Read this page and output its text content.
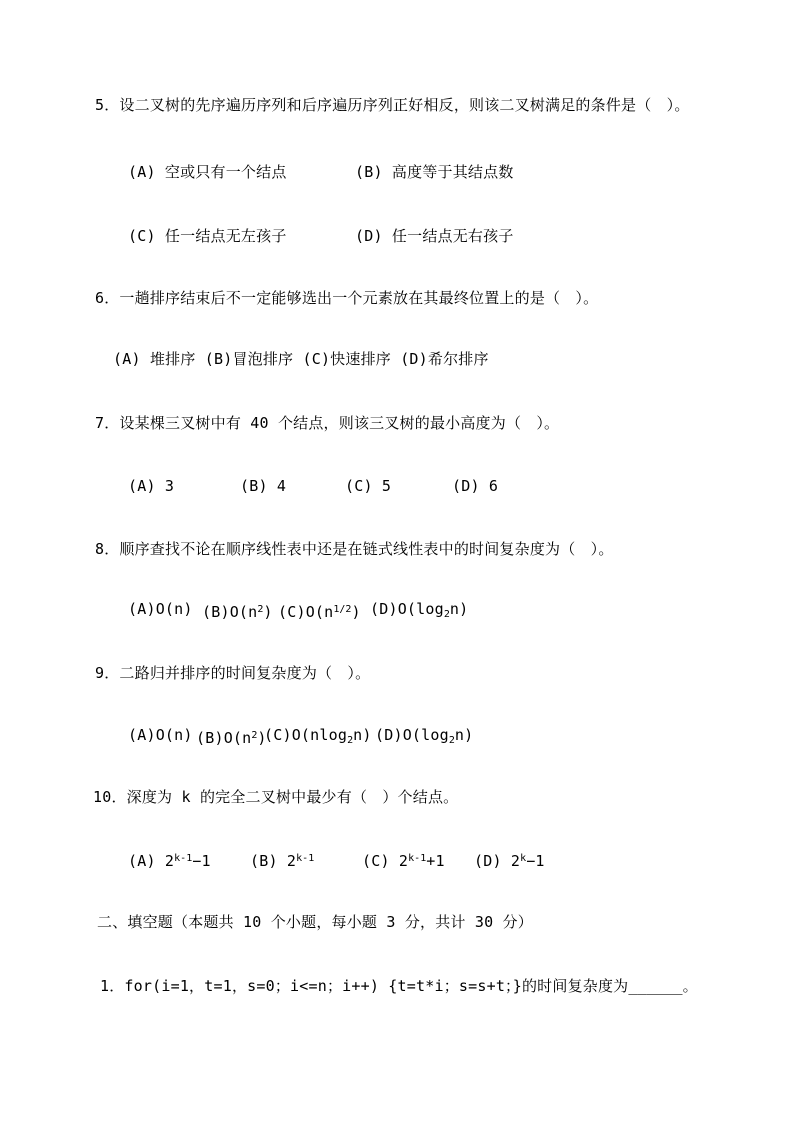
5．设二叉树的先序遍历序列和后序遍历序列正好相反，则该二叉树满足的条件是（　）。
(A) 空或只有一个结点	(B) 高度等于其结点数
(C) 任一结点无左孩子	(D) 任一结点无右孩子
6．一趟排序结束后不一定能够选出一个元素放在其最终位置上的是（　）。
(A) 堆排序 (B)冒泡排序 (C)快速排序 (D)希尔排序
7．设某棵三叉树中有 40 个结点，则该三叉树的最小高度为（　）。
(A) 3	(B) 4	(C) 5	(D) 6
8．顺序查找不论在顺序线性表中还是在链式线性表中的时间复杂度为（　）。
(A)O(n) $(B)O(n^2)$ $(C)O(n^{1/2})$ $(D)O(\log_2n)$
9．二路归并排序的时间复杂度为（　）。
(A)O(n) $(B)O(n^2)$
(C)O(nlog$_2$n) $(D)O(\log_2n)$
10．深度为 k 的完全二叉树中最少有（　）个结点。
(A) $2^{k-1}-1$	(B) 2$^{k-1}$	(C) $2^{k-1}+1$ (D) $2^k-1$
二、填空题（本题共 10 个小题，每小题 3 分，共计 30 分）
1．for(i=1，t=1，s=0；i<=n；i++) {t=t*i；s=s+t；}的时间复杂度为______。
